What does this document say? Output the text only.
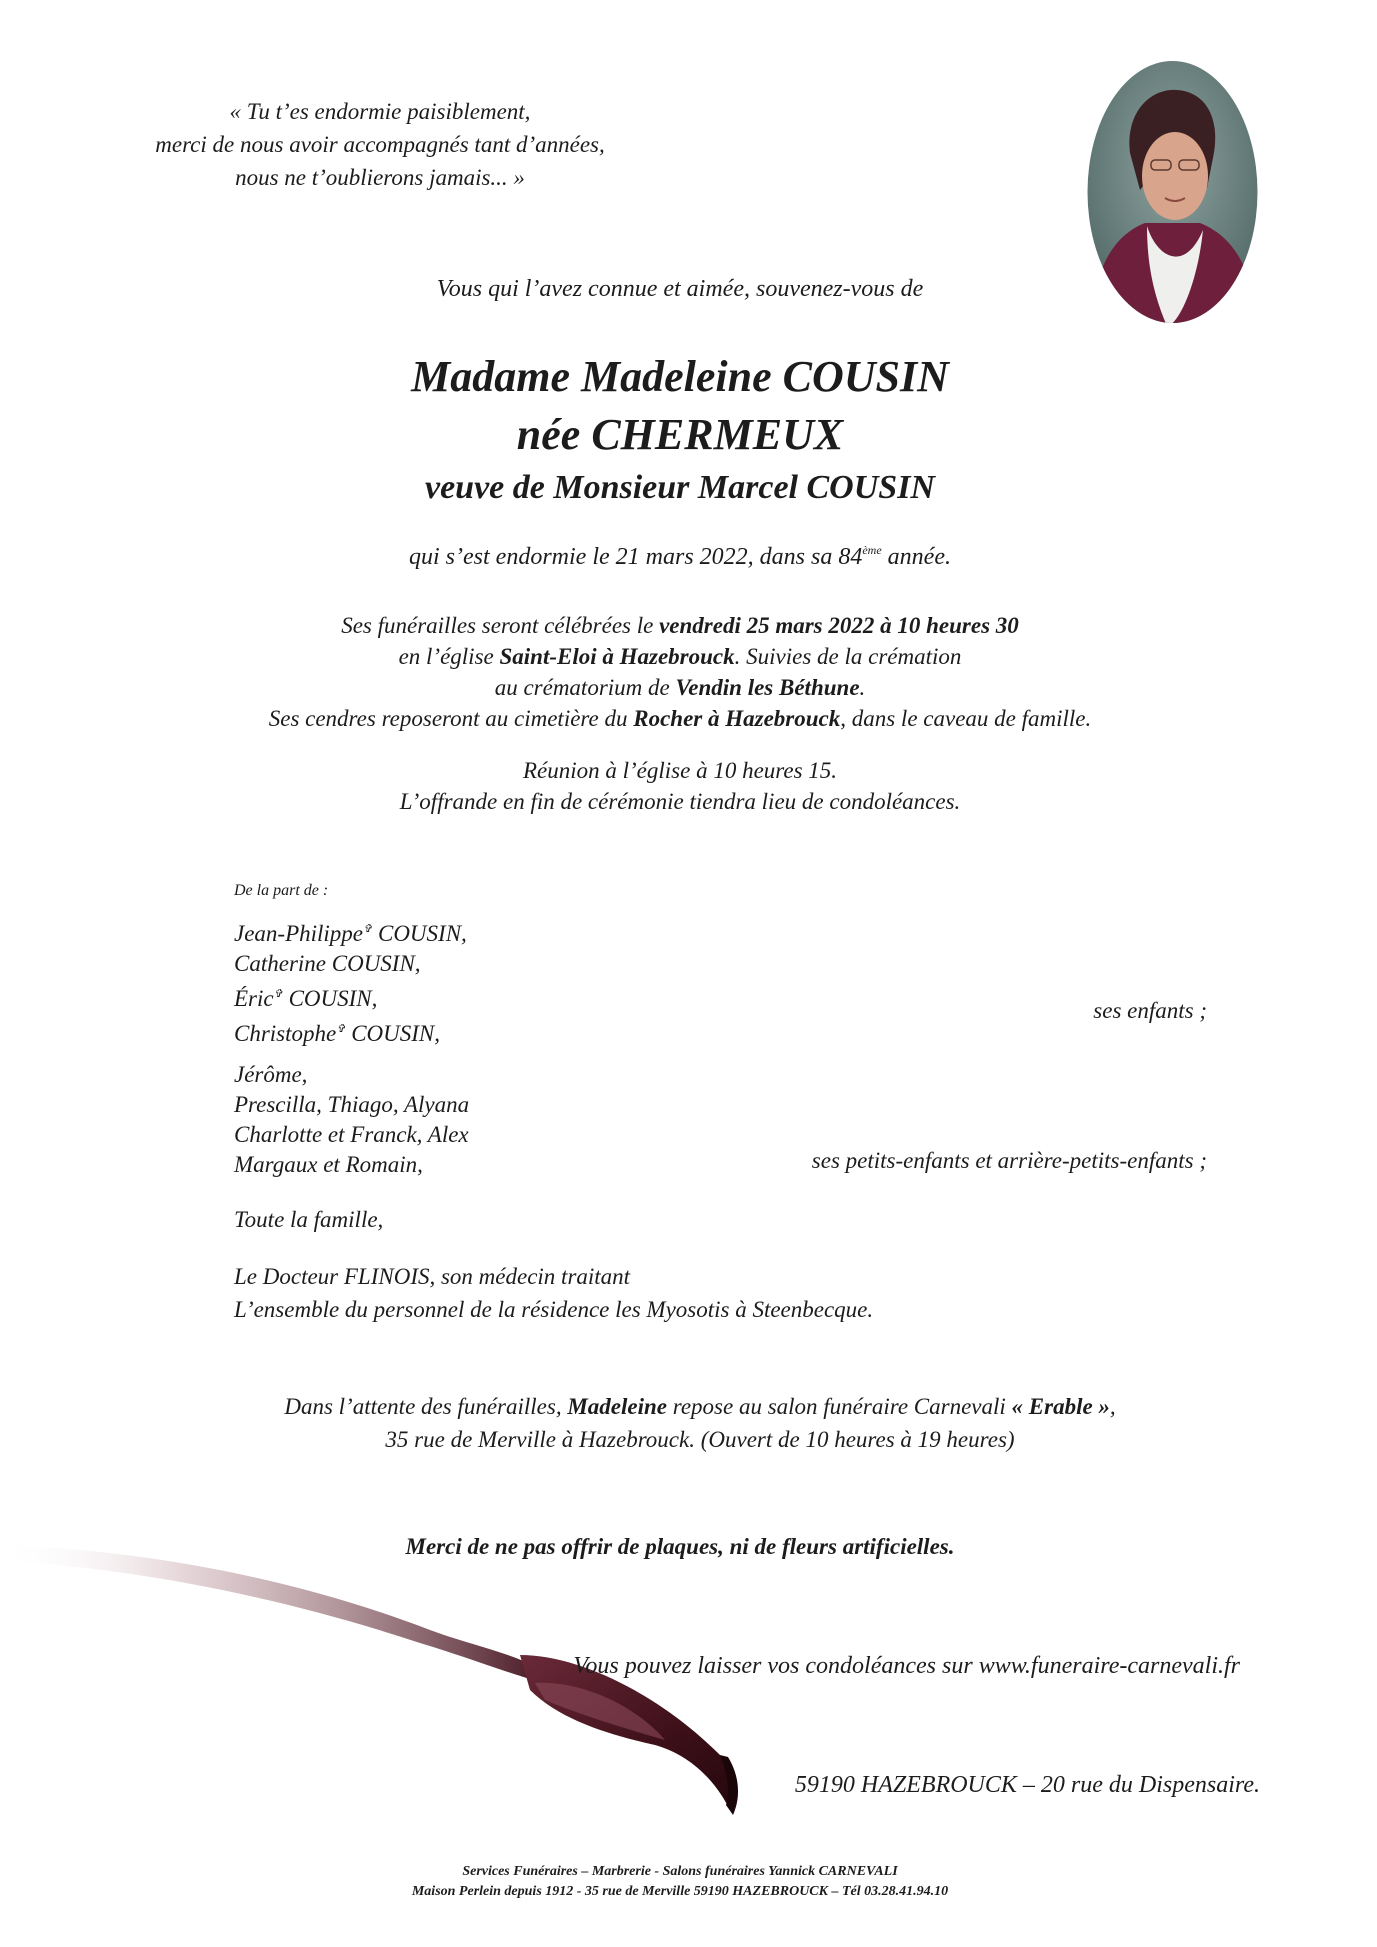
« Tu t’es endormie paisiblement,
merci de nous avoir accompagnés tant d’années,
nous ne t’oublierons jamais... »
Vous qui l’avez connue et aimée, souvenez-vous de
Madame Madeleine COUSIN
née CHERMEUX
veuve de Monsieur Marcel COUSIN
qui s’est endormie le 21 mars 2022, dans sa 84ème année.
Ses funérailles seront célébrées le vendredi 25 mars 2022 à 10 heures 30
en l’église Saint-Eloi à Hazebrouck. Suivies de la crémation
au crématorium de Vendin les Béthune.
Ses cendres reposeront au cimetière du Rocher à Hazebrouck, dans le caveau de famille.
Réunion à l’église à 10 heures 15.
L’offrande en fin de cérémonie tiendra lieu de condoléances.
De la part de :
Jean-Philippe✞ COUSIN,
Catherine COUSIN,
Éric✞ COUSIN,
Christophe✞ COUSIN,
ses enfants ;
Jérôme,
Prescilla, Thiago, Alyana
Charlotte et Franck, Alex
Margaux et Romain,	ses petits-enfants et arrière-petits-enfants ;
Toute la famille,
Le Docteur FLINOIS, son médecin traitant
L’ensemble du personnel de la résidence les Myosotis à Steenbecque.
Dans l’attente des funérailles, Madeleine repose au salon funéraire Carnevali « Erable »,
35 rue de Merville à Hazebrouck. (Ouvert de 10 heures à 19 heures)
Merci de ne pas offrir de plaques, ni de fleurs artificielles.
Vous pouvez laisser vos condoléances sur www.funeraire-carnevali.fr
59190 HAZEBROUCK – 20 rue du Dispensaire.
Services Funéraires – Marbrerie - Salons funéraires Yannick CARNEVALI
Maison Perlein depuis 1912 - 35 rue de Merville 59190 HAZEBROUCK – Tél 03.28.41.94.10
